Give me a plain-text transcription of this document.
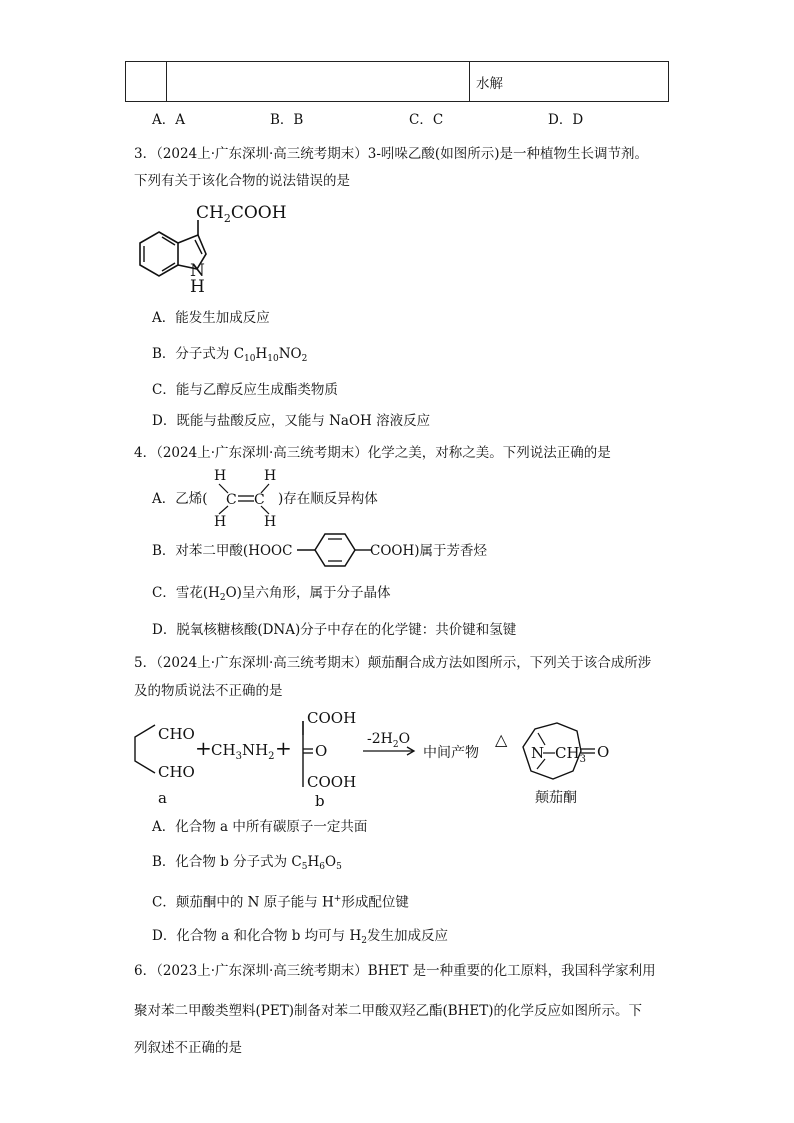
		水解
A．A	B．B	C．C	D．D
3．（2024上·广东深圳·高三统考期末）3-吲哚乙酸(如图所示)是一种植物生长调节剂。
下列有关于该化合物的说法错误的是
$CH_2COOH$
N
H
A．能发生加成反应
B．分子式为 $C_{10}H_{10}NO_2$
C．能与乙醇反应生成酯类物质
D．既能与盐酸反应，又能与 NaOH 溶液反应
4．（2024上·广东深圳·高三统考期末）化学之美，对称之美。下列说法正确的是
A．乙烯(
H	H
H	H
C C )存在顺反异构体
B．对苯二甲酸(HOOC	COOH)属于芳香烃
C．雪花$(H_2O)$呈六角形，属于分子晶体
D．脱氧核糖核酸(DNA)分子中存在的化学键：共价键和氢键
5．（2024上·广东深圳·高三统考期末）颠茄酮合成方法如图所示，下列关于该合成所涉
及的物质说法不正确的是
CHO
CHO
a
+ $CH_3NH_2$ +
COOH
O
COOH
b
$-2H_2O$
中间产物
△
N $CH_3$ O
颠茄酮
A．化合物 a 中所有碳原子一定共面
B．化合物 b 分子式为 $C_5H_6O_5$
C．颠茄酮中的 N 原子能与 H+形成配位键
D．化合物 a 和化合物 b 均可与 $H_2$发生加成反应
6．（2023上·广东深圳·高三统考期末）BHET 是一种重要的化工原料，我国科学家利用
聚对苯二甲酸类塑料(PET)制备对苯二甲酸双羟乙酯(BHET)的化学反应如图所示。下
列叙述不正确的是
